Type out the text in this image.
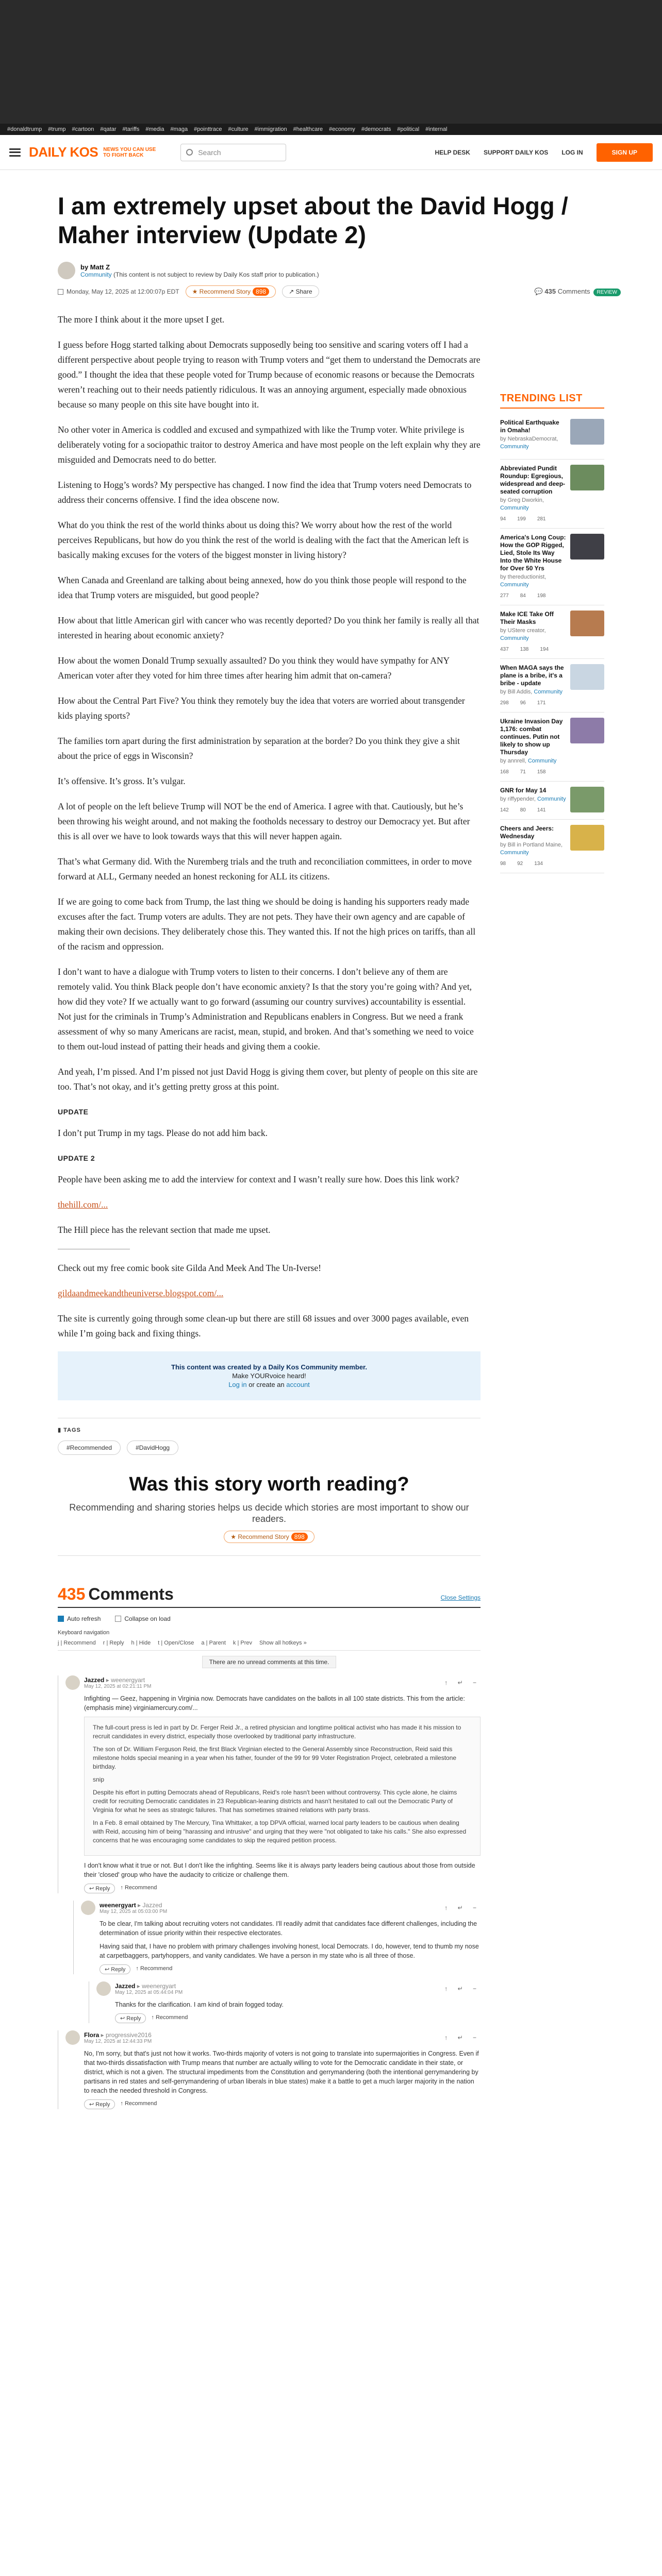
#donaldtrump #trump #cartoon #qatar #tariffs #media #maga #pointtrace #culture #immigration #healthcare #economy #democrats #political #internal
DAILY KOS NEWS YOU CAN USE TO FIGHT BACK	Search	HELP DESK SUPPORT DAILY KOS LOG IN	SIGN UP
I am extremely upset about the David Hogg / Maher interview (Update 2)
by Matt Z
Community (This content is not subject to review by Daily Kos staff prior to publication.)
Monday, May 12, 2025 at 12:00:07p EDT	★ Recommend Story 898	↗ Share	💬 435 Comments REVIEW

The more I think about it the more upset I get.

I guess before Hogg started talking about Democrats supposedly being too sensitive and scaring voters off I had a different perspective about people trying to reason with Trump voters and “get them to understand the Democrats are good.” I thought the idea that these people voted for Trump because of economic reasons or because the Democrats weren’t reaching out to their needs patiently ridiculous. It was an annoying argument, especially made obnoxious because so many people on this site have bought into it.

No other voter in America is coddled and excused and sympathized with like the Trump voter. White privilege is deliberately voting for a sociopathic traitor to destroy America and have most people on the left explain why they are misguided and Democrats need to do better.

Listening to Hogg’s words? My perspective has changed. I now find the idea that Trump voters need Democrats to address their concerns offensive. I find the idea obscene now.

What do you think the rest of the world thinks about us doing this? We worry about how the rest of the world perceives Republicans, but how do you think the rest of the world is dealing with the fact that the American left is basically making excuses for the voters of the biggest monster in living history?

When Canada and Greenland are talking about being annexed, how do you think those people will respond to the idea that Trump voters are misguided, but good people?

How about that little American girl with cancer who was recently deported? Do you think her family is really all that interested in hearing about economic anxiety?

How about the women Donald Trump sexually assaulted? Do you think they would have sympathy for ANY American voter after they voted for him three times after hearing him admit that on-camera?

How about the Central Part Five? You think they remotely buy the idea that voters are worried about transgender kids playing sports?

The families torn apart during the first administration by separation at the border? Do you think they give a shit about the price of eggs in Wisconsin?

It’s offensive. It’s gross. It’s vulgar.

A lot of people on the left believe Trump will NOT be the end of America. I agree with that. Cautiously, but he’s been throwing his weight around, and not making the footholds necessary to destroy our Democracy yet. But after this is all over we have to look towards ways that this will never happen again.

That’s what Germany did. With the Nuremberg trials and the truth and reconciliation committees, in order to move forward at ALL, Germany needed an honest reckoning for ALL its citizens.

If we are going to come back from Trump, the last thing we should be doing is handing his supporters ready made excuses after the fact. Trump voters are adults. They are not pets. They have their own agency and are capable of making their own decisions. They deliberately chose this. They wanted this. If not the high prices on tariffs, than all of the racism and oppression.

I don’t want to have a dialogue with Trump voters to listen to their concerns. I don’t believe any of them are remotely valid. You think Black people don’t have economic anxiety? Is that the story you’re going with? And yet, how did they vote? If we actually want to go forward (assuming our country survives) accountability is essential. Not just for the criminals in Trump’s Administration and Republicans enablers in Congress. But we need a frank assessment of why so many Americans are racist, mean, stupid, and broken. And that’s something we need to voice to them out-loud instead of patting their heads and giving them a cookie.

And yeah, I’m pissed. And I’m pissed not just David Hogg is giving them cover, but plenty of people on this site are too. That’s not okay, and it’s getting pretty gross at this point.

UPDATE

I don’t put Trump in my tags. Please do not add him back.

UPDATE 2

People have been asking me to add the interview for context and I wasn’t really sure how. Does this link work?

thehill.com/...

The Hill piece has the relevant section that made me upset.

Check out my free comic book site Gilda And Meek And The Un-Iverse!

gildaandmeekandtheuniverse.blogspot.com/...

The site is currently going through some clean-up but there are still 68 issues and over 3000 pages available, even while I’m going back and fixing things.

This content was created by a Daily Kos Community member.
Make YOURvoice heard!
Log in or create an account
▮ TAGS
#Recommended	#DavidHogg
Was this story worth reading?
Recommending and sharing stories helps us decide which stories are most important to show our readers.
★ Recommend Story 898
435 Comments	Close Settings
Auto refresh	Collapse on load
Keyboard navigation
j | Recommend r | Reply h | Hide t | Open/Close a | Parent k | Prev Show all hotkeys »
There are no unread comments at this time.
Jazzed ▸ weenergyart
May 12, 2025 at 02:21:11 PM	↑ ↵ −

Infighting — Geez, happening in Virginia now. Democrats have candidates on the ballots in all 100 state districts. This from the article: (emphasis mine) virginiamercury.com/...

The full-court press is led in part by Dr. Ferger Reid Jr., a retired physician and longtime political activist who has made it his mission to recruit candidates in every district, especially those overlooked by traditional party infrastructure.

The son of Dr. William Ferguson Reid, the first Black Virginian elected to the General Assembly since Reconstruction, Reid said this milestone holds special meaning in a year when his father, founder of the 99 for 99 Voter Registration Project, celebrated a milestone birthday.

snip

Despite his effort in putting Democrats ahead of Republicans, Reid's role hasn't been without controversy. This cycle alone, he claims credit for recruiting Democratic candidates in 23 Republican-leaning districts and hasn't hesitated to call out the Democratic Party of Virginia for what he sees as strategic failures. That has sometimes strained relations with party brass.

In a Feb. 8 email obtained by The Mercury, Tina Whittaker, a top DPVA official, warned local party leaders to be cautious when dealing with Reid, accusing him of being "harassing and intrusive" and urging that they were "not obligated to take his calls." She also expressed concerns that he was encouraging some candidates to skip the required petition process.

I don't know what it true or not. But I don't like the infighting. Seems like it is always party leaders being cautious about those from outside their 'closed' group who have the audacity to criticize or challenge them.

↩ Reply	↑ Recommend
weenergyart ▸ Jazzed
May 12, 2025 at 05:03:00 PM	↑ ↵ −

To be clear, I'm talking about recruiting voters not candidates. I'll readily admit that candidates face different challenges, including the determination of issue priority within their respective electorates.

Having said that, I have no problem with primary challenges involving honest, local Democrats. I do, however, tend to thumb my nose at carpetbaggers, partyhoppers, and vanity candidates. We have a person in my state who is all three of those.

↩ Reply	↑ Recommend
Jazzed ▸ weenergyart
May 12, 2025 at 05:44:04 PM	↑ ↵ −

Thanks for the clarification. I am kind of brain fogged today.

↩ Reply	↑ Recommend
Flora ▸ progressive2016
May 12, 2025 at 12:44:33 PM	↑ ↵ −

No, I'm sorry, but that's just not how it works. Two-thirds majority of voters is not going to translate into supermajorities in Congress. Even if that two-thirds dissatisfaction with Trump means that number are actually willing to vote for the Democratic candidate in their state, or district, which is not a given. The structural impediments from the Constitution and gerrymandering (both the intentional gerrymandering by partisans in red states and self-gerrymandering of urban liberals in blue states) make it a battle to get a much larger majority in the nation to reach the needed threshold in Congress.

↩ Reply	↑ Recommend
TRENDING LIST
Political Earthquake in Omaha!
by NebraskaDemocrat, Community
Abbreviated Pundit Roundup: Egregious, widespread and deep-seated corruption
by Greg Dworkin, Community
94 199 281
America's Long Coup: How the GOP Rigged, Lied, Stole Its Way Into the White House for Over 50 Yrs
by thereductionist, Community
277 84 198
Make ICE Take Off Their Masks
by UStere creator, Community
437 138 194
When MAGA says the plane is a bribe, it's a bribe - update
by Bill Addis, Community
298 96 171
Ukraine Invasion Day 1,176: combat continues. Putin not likely to show up Thursday
by annrell, Community
168 71 158
GNR for May 14
by riffypender, Community
142 80 141
Cheers and Jeers: Wednesday
by Bill in Portland Maine, Community
98 92 134
